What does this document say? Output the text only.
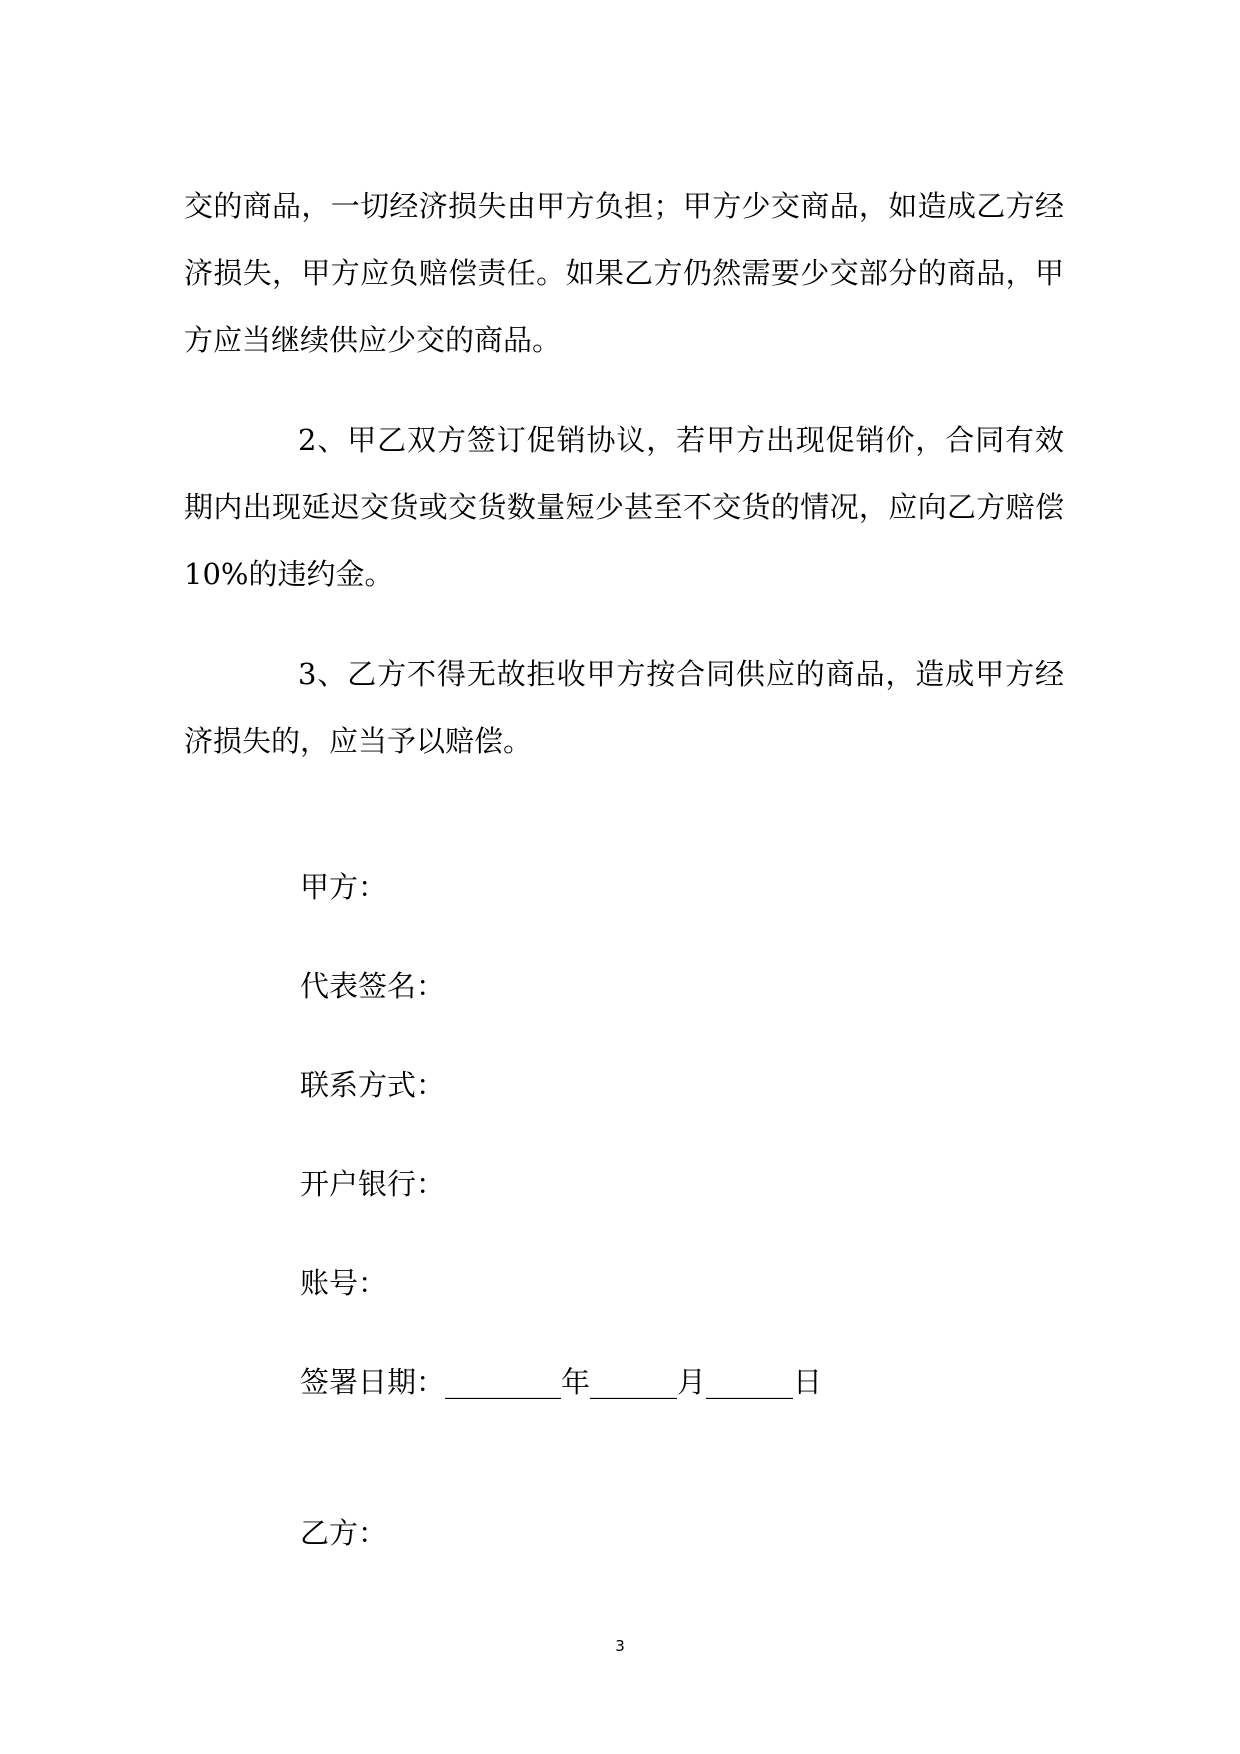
交的商品，一切经济损失由甲方负担；甲方少交商品，如造成乙方经济损失，甲方应负赔偿责任。如果乙方仍然需要少交部分的商品，甲方应当继续供应少交的商品。

2、甲乙双方签订促销协议，若甲方出现促销价，合同有效期内出现延迟交货或交货数量短少甚至不交货的情况，应向乙方赔偿10%的违约金。

3、乙方不得无故拒收甲方按合同供应的商品，造成甲方经济损失的，应当予以赔偿。

甲方：
代表签名：
联系方式：
开户银行：
账号：
签署日期：________年______月______日
乙方：
3
